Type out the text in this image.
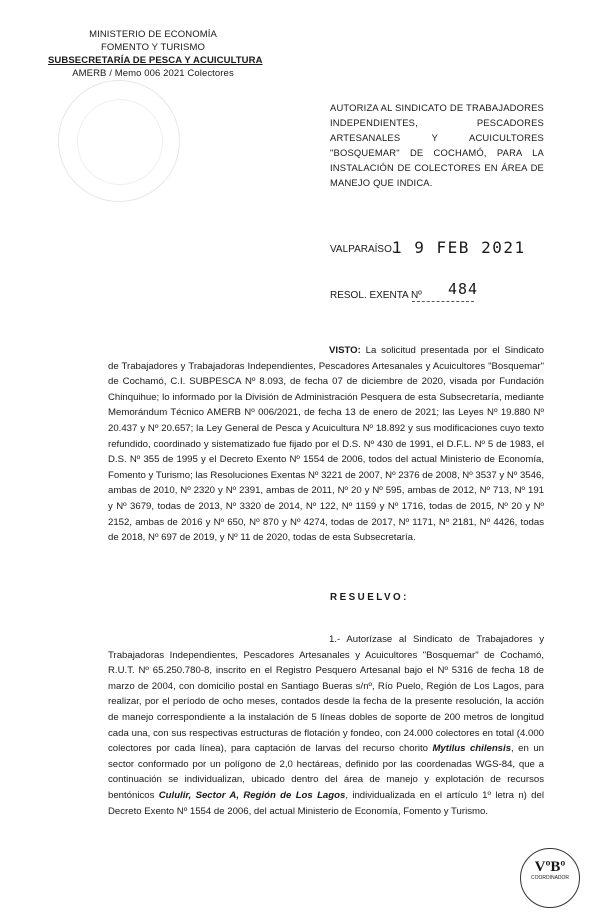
MINISTERIO DE ECONOMÍA
FOMENTO Y TURISMO
SUBSECRETARÍA DE PESCA Y ACUICULTURA
AMERB / Memo 006 2021 Colectores
AUTORIZA AL SINDICATO DE TRABAJADORES INDEPENDIENTES, PESCADORES ARTESANALES Y ACUICULTORES "BOSQUEMAR" DE COCHAMÓ, PARA LA INSTALACIÓN DE COLECTORES EN ÁREA DE MANEJO QUE INDICA.
VALPARAÍSO,
1 9 FEB 2021
RESOL. EXENTA Nº 484
VISTO: La solicitud presentada por el Sindicato de Trabajadores y Trabajadoras Independientes, Pescadores Artesanales y Acuicultores "Bosquemar" de Cochamó, C.I. SUBPESCA Nº 8.093, de fecha 07 de diciembre de 2020, visada por Fundación Chinquihue; lo informado por la División de Administración Pesquera de esta Subsecretaría, mediante Memorándum Técnico AMERB Nº 006/2021, de fecha 13 de enero de 2021; las Leyes Nº 19.880 Nº 20.437 y Nº 20.657; la Ley General de Pesca y Acuicultura Nº 18.892 y sus modificaciones cuyo texto refundido, coordinado y sistematizado fue fijado por el D.S. Nº 430 de 1991, el D.F.L. Nº 5 de 1983, el D.S. Nº 355 de 1995 y el Decreto Exento Nº 1554 de 2006, todos del actual Ministerio de Economía, Fomento y Turismo; las Resoluciones Exentas Nº 3221 de 2007, Nº 2376 de 2008, Nº 3537 y Nº 3546, ambas de 2010, Nº 2320 y Nº 2391, ambas de 2011, Nº 20 y Nº 595, ambas de 2012, Nº 713, Nº 191 y Nº 3679, todas de 2013, Nº 3320 de 2014, Nº 122, Nº 1159 y Nº 1716, todas de 2015, Nº 20 y Nº 2152, ambas de 2016 y Nº 650, Nº 870 y Nº 4274, todas de 2017, Nº 1171, Nº 2181, Nº 4426, todas de 2018, Nº 697 de 2019, y Nº 11 de 2020, todas de esta Subsecretaría.
RESUELVO:
1.- Autorízase al Sindicato de Trabajadores y Trabajadoras Independientes, Pescadores Artesanales y Acuicultores "Bosquemar" de Cochamó, R.U.T. Nº 65.250.780-8, inscrito en el Registro Pesquero Artesanal bajo el Nº 5316 de fecha 18 de marzo de 2004, con domicilio postal en Santiago Bueras s/nº, Río Puelo, Región de Los Lagos, para realizar, por el período de ocho meses, contados desde la fecha de la presente resolución, la acción de manejo correspondiente a la instalación de 5 líneas dobles de soporte de 200 metros de longitud cada una, con sus respectivas estructuras de flotación y fondeo, con 24.000 colectores en total (4.000 colectores por cada línea), para captación de larvas del recurso chorito Mytilus chilensis, en un sector conformado por un polígono de 2,0 hectáreas, definido por las coordenadas WGS-84, que a continuación se individualizan, ubicado dentro del área de manejo y explotación de recursos bentónicos Cululir, Sector A, Región de Los Lagos, individualizada en el artículo 1º letra n) del Decreto Exento Nº 1554 de 2006, del actual Ministerio de Economía, Fomento y Turismo.
VºBº
COORDINADOR
